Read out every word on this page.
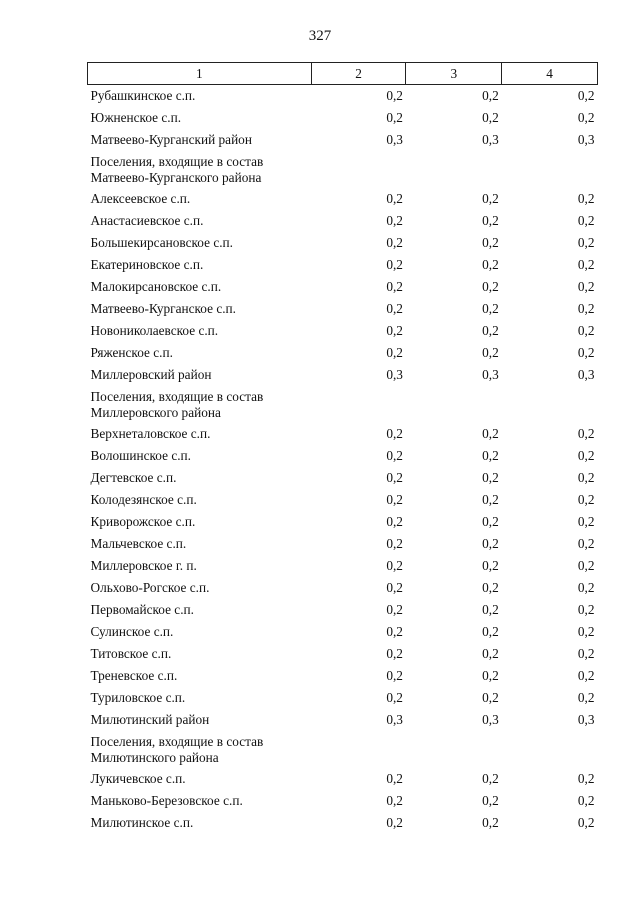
327
1	2	3	4
Рубашкинское с.п.	0,2	0,2	0,2
Южненское с.п.	0,2	0,2	0,2
Матвеево-Курганский район	0,3	0,3	0,3
Поселения, входящие в состав Матвеево-Курганского района			
Алексеевское с.п.	0,2	0,2	0,2
Анастасиевское с.п.	0,2	0,2	0,2
Большекирсановское с.п.	0,2	0,2	0,2
Екатериновское с.п.	0,2	0,2	0,2
Малокирсановское с.п.	0,2	0,2	0,2
Матвеево-Курганское с.п.	0,2	0,2	0,2
Новониколаевское с.п.	0,2	0,2	0,2
Ряженское с.п.	0,2	0,2	0,2
Миллеровский район	0,3	0,3	0,3
Поселения, входящие в состав Миллеровского района			
Верхнеталовское с.п.	0,2	0,2	0,2
Волошинское с.п.	0,2	0,2	0,2
Дегтевское с.п.	0,2	0,2	0,2
Колодезянское с.п.	0,2	0,2	0,2
Криворожское с.п.	0,2	0,2	0,2
Мальчевское с.п.	0,2	0,2	0,2
Миллеровское г. п.	0,2	0,2	0,2
Ольхово-Рогское с.п.	0,2	0,2	0,2
Первомайское с.п.	0,2	0,2	0,2
Сулинское с.п.	0,2	0,2	0,2
Титовское с.п.	0,2	0,2	0,2
Треневское с.п.	0,2	0,2	0,2
Туриловское с.п.	0,2	0,2	0,2
Милютинский район	0,3	0,3	0,3
Поселения, входящие в состав Милютинского района			
Лукичевское с.п.	0,2	0,2	0,2
Маньково-Березовское с.п.	0,2	0,2	0,2
Милютинское с.п.	0,2	0,2	0,2
